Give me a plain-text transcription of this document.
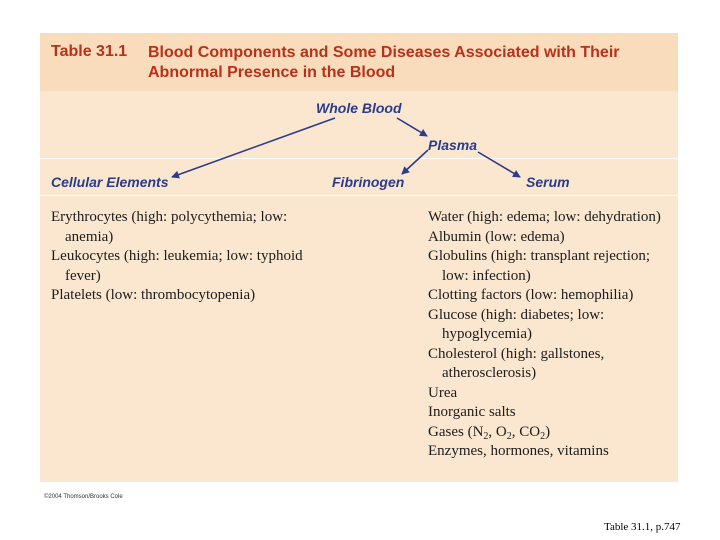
Table 31.1 Blood Components and Some Diseases Associated with Their Abnormal Presence in the Blood
Whole Blood
Plasma
Cellular Elements	Fibrinogen	Serum
Erythrocytes (high: polycythemia; low: anemia)
Leukocytes (high: leukemia; low: typhoid fever)
Platelets (low: thrombocytopenia)
Water (high: edema; low: dehydration)
Albumin (low: edema)
Globulins (high: transplant rejection; low: infection)
Clotting factors (low: hemophilia)
Glucose (high: diabetes; low: hypoglycemia)
Cholesterol (high: gallstones, atherosclerosis)
Urea
Inorganic salts
Gases ($N_2$, $O_2$, $CO_2$)
Enzymes, hormones, vitamins
©2004 Thomson/Brooks Cole
Table 31.1, p.747
